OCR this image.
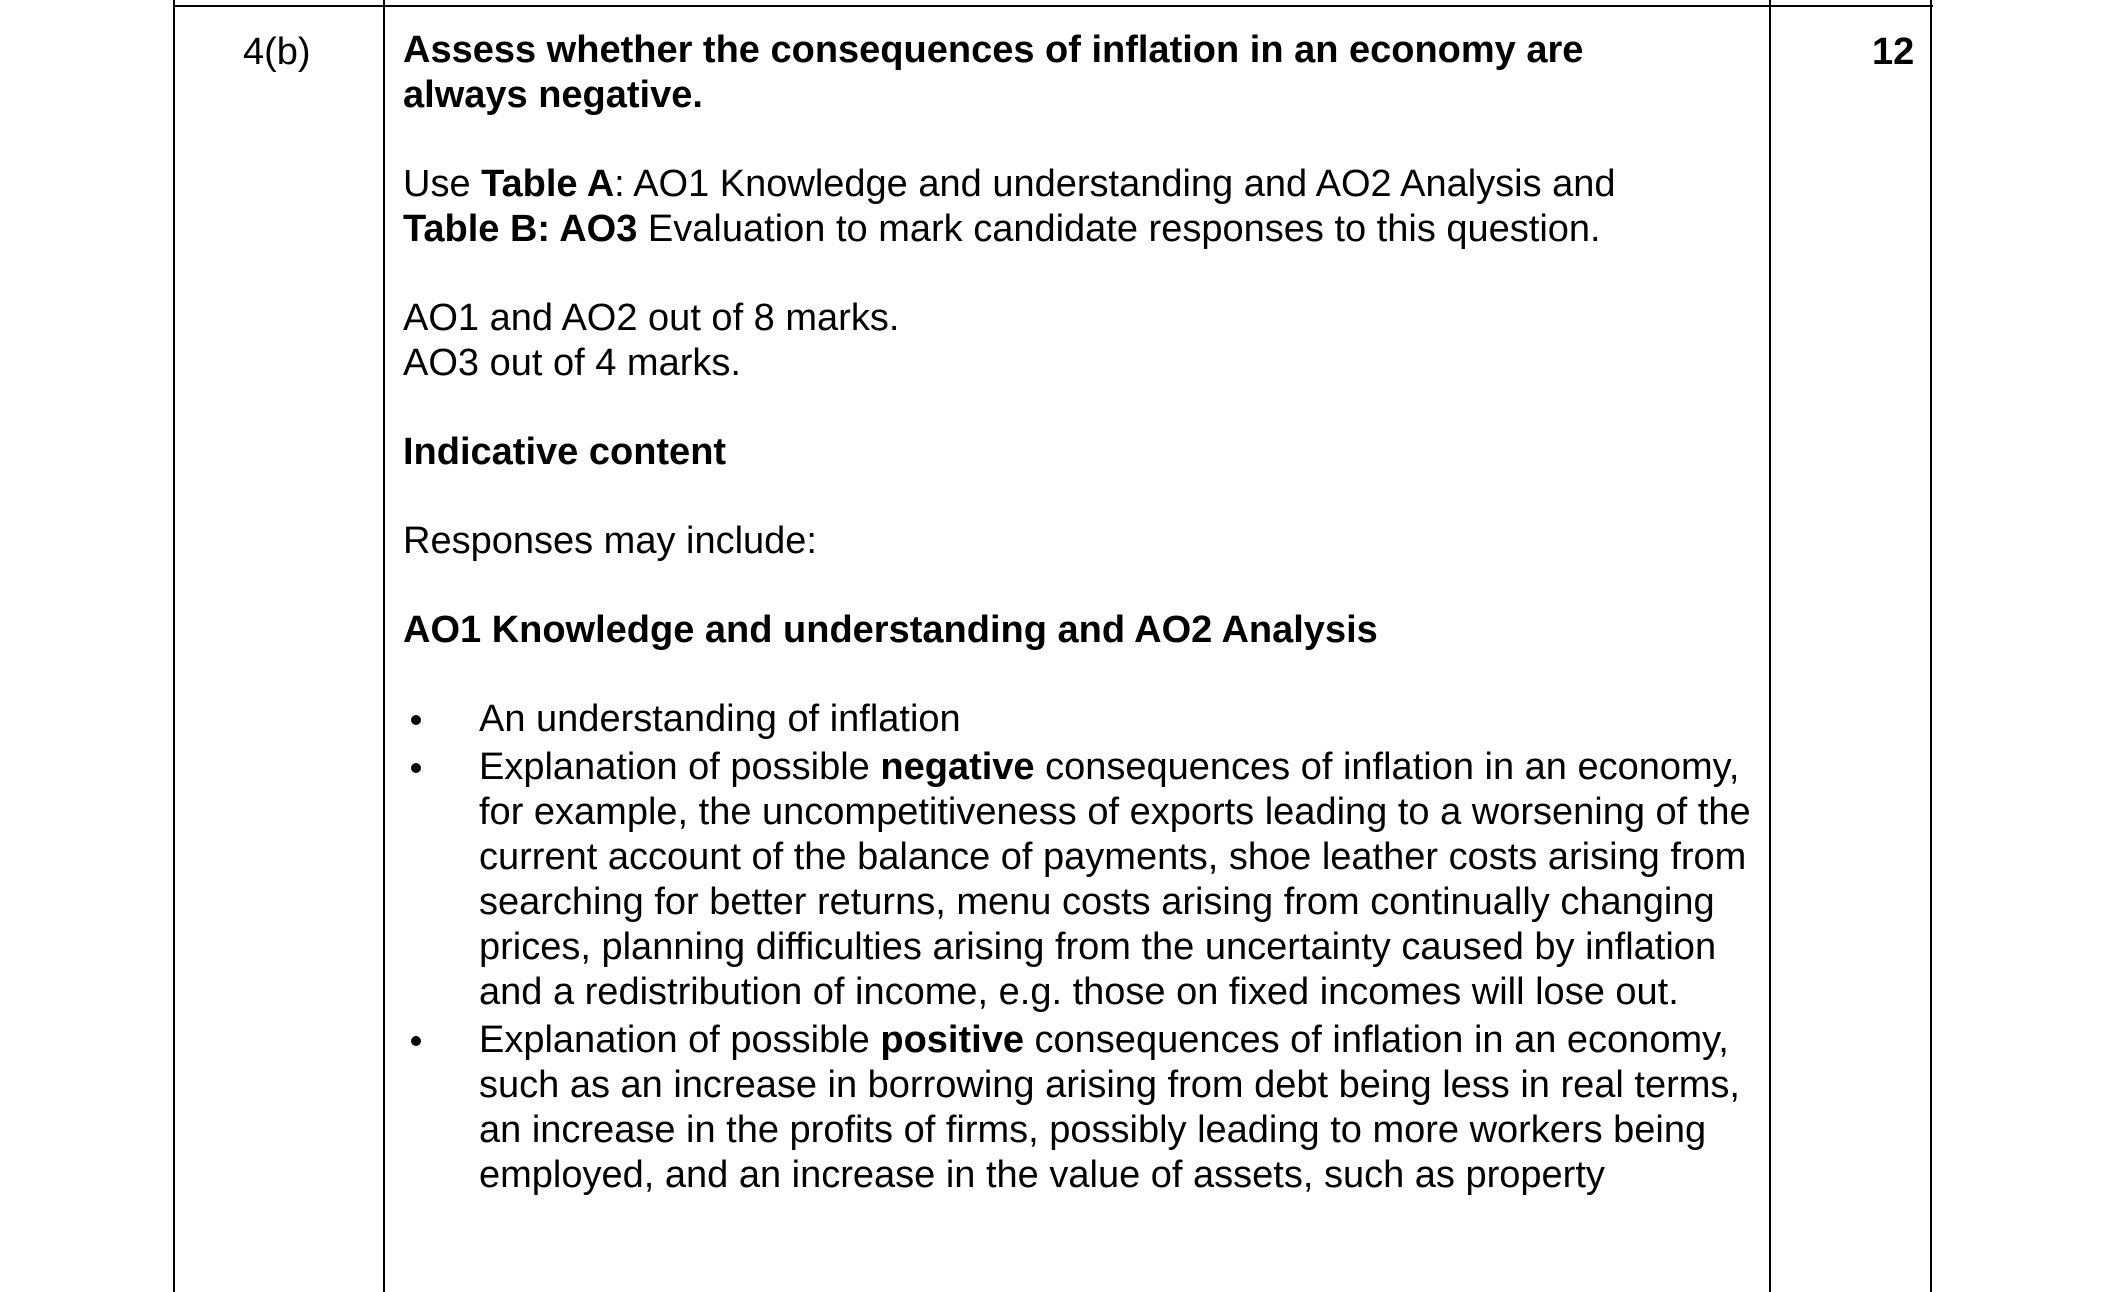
4(b)	12

Assess whether the consequences of inflation in an economy are
always negative.

Use Table A: AO1 Knowledge and understanding and AO2 Analysis and
Table B: AO3 Evaluation to mark candidate responses to this question.

AO1 and AO2 out of 8 marks.
AO3 out of 4 marks.

Indicative content

Responses may include:

AO1 Knowledge and understanding and AO2 Analysis

An understanding of inflation
Explanation of possible negative consequences of inflation in an economy, for example, the uncompetitiveness of exports leading to a worsening of the current account of the balance of payments, shoe leather costs arising from searching for better returns, menu costs arising from continually changing prices, planning difficulties arising from the uncertainty caused by inflation and a redistribution of income, e.g. those on fixed incomes will lose out.
Explanation of possible positive consequences of inflation in an economy, such as an increase in borrowing arising from debt being less in real terms, an increase in the profits of firms, possibly leading to more workers being employed, and an increase in the value of assets, such as property
